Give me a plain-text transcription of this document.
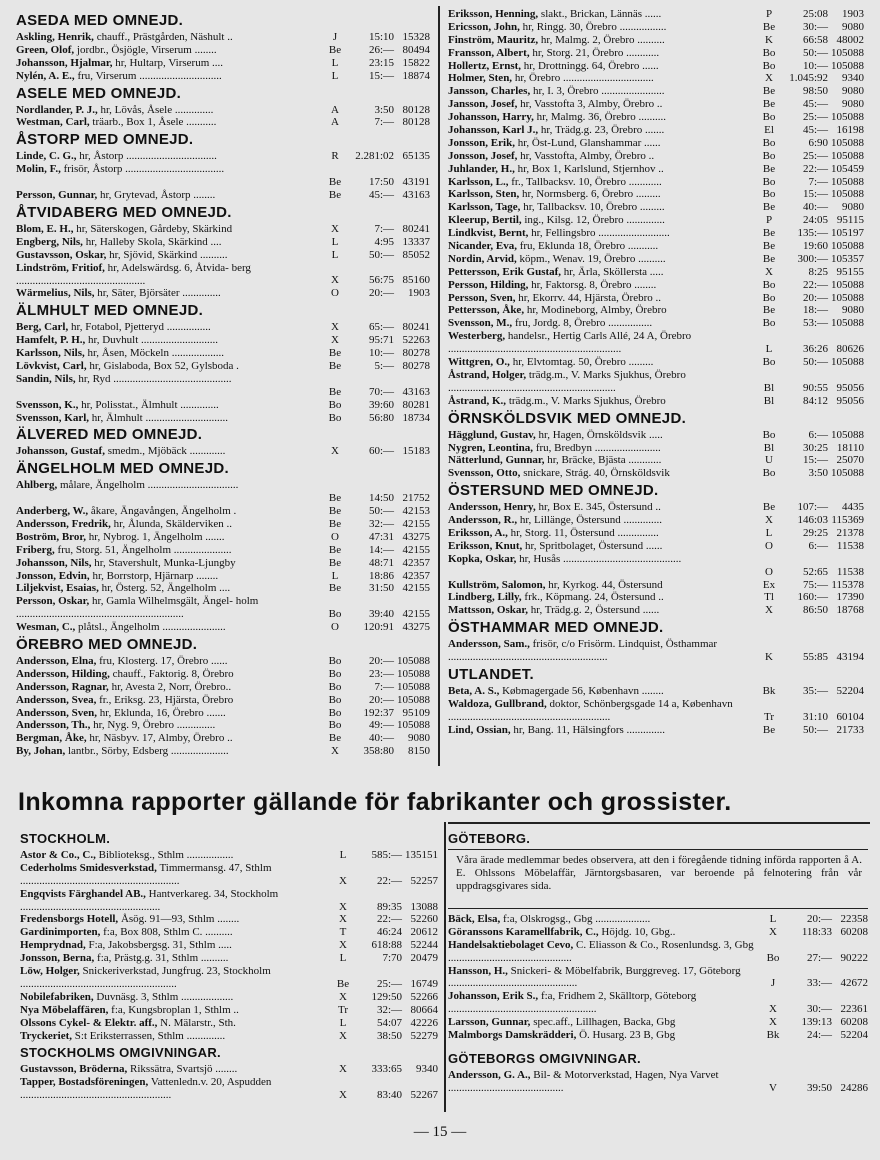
ASEDA MED OMNEJD.
Askling, Henrik, chauff., Prästgården, Näshult ..	J	15:10 15328
Green, Olof, jordbr., Ösjögle, Virserum ........	Be	26:— 80494
Johansson, Hjalmar, hr, Hultarp, Virserum ....	L	23:15 15822
Nylén, A. E., fru, Virserum ..............................	L	15:— 18874
ASELE MED OMNEJD.
Nordlander, P. J., hr, Lövås, Åsele ..............	A	3:50 80128
Westman, Carl, träarb., Box 1, Åsele ...........	A	7:— 80128
ÅSTORP MED OMNEJD.
Linde, C. G., hr, Åstorp .................................	R	2.281:02 65135
Molin, F., frisör, Åstorp ....................................
Be	17:50 43191
Persson, Gunnar, hr, Grytevad, Åstorp ........	Be	45:— 43163
ÅTVIDABERG MED OMNEJD.
Blom, E. H., hr, Säterskogen, Gårdeby, Skärkind	X	7:— 80241
Engberg, Nils, hr, Halleby Skola, Skärkind ....	L	4:95 13337
Gustavsson, Oskar, hr, Sjövid, Skärkind ..........	L	50:— 85052
Lindström, Fritiof, hr, Adelswärdsg. 6, Åtvida- berg ...............................................	X	56:75 85160
Wärmelius, Nils, hr, Säter, Björsäter ..............	O	20:—	1903
ÄLMHULT MED OMNEJD.
Berg, Carl, hr, Fotabol, Pjetteryd ................	X	65:— 80241
Hamfelt, P. H., hr, Duvhult ............................	X	95:71 52263
Karlsson, Nils, hr, Åsen, Möckeln ...................	Be	10:— 80278
Lövkvist, Carl, hr, Gislaboda, Box 52, Gylsboda .	Be	5:— 80278
Sandin, Nils, hr, Ryd ...........................................
Be	70:— 43163
Svensson, K., hr, Polisstat., Älmhult ..............	Bo	39:60 80281
Svensson, Karl, hr, Älmhult ..............................	Bo	56:80 18734
ÄLVERED MED OMNEJD.
Johansson, Gustaf, smedm., Mjöbäck .............	X	60:— 15183
ÄNGELHOLM MED OMNEJD.
Ahlberg, målare, Ängelholm .................................
Be	14:50 21752
Anderberg, W., åkare, Ängavången, Ängelholm .	Be	50:— 42153
Andersson, Fredrik, hr, Ålunda, Skälderviken ..	Be	32:— 42155
Boström, Bror, hr, Nybrog. 1, Ängelholm .......	O	47:31 43275
Friberg, fru, Storg. 51, Ängelholm .....................	Be	14:— 42155
Johansson, Nils, hr, Stavershult, Munka-Ljungby	Be	48:71 42357
Jonsson, Edvin, hr, Borrstorp, Hjärnarp ........	L	18:86 42357
Liljekvist, Esaias, hr, Österg. 52, Ängelholm ....	Be	31:50 42155
Persson, Oskar, hr, Gamla Wilhelmsgält, Ängel- holm .............................................................	Bo	39:40 42155
Wesman, C., plåtsl., Ängelholm .......................	O	120:91 43275
ÖREBRO MED OMNEJD.
Andersson, Elna, fru, Klosterg. 17, Örebro ......	Bo	20:— 105088
Andersson, Hilding, chauff., Faktorig. 8, Örebro	Bo	23:— 105088
Andersson, Ragnar, hr, Avesta 2, Norr, Örebro..	Bo	7:— 105088
Andersson, Svea, fr., Eriksg. 23, Hjärsta, Örebro	Bo	20:— 105088
Andersson, Sven, hr, Eklunda, 16, Örebro .......	Bo	192:37 95109
Andersson, Th., hr, Nyg. 9, Örebro ..............	Bo	49:— 105088
Bergman, Åke, hr, Näsbyv. 17, Almby, Örebro ..	Be	40:—	9080
By, Johan, lantbr., Sörby, Edsberg .....................	X	358:80	8150
Eriksson, Henning, slakt., Brickan, Lännäs ......	P	25:08	1903
Ericsson, John, hr, Ringg. 30, Örebro .................	Be	30:—	9080
Finström, Mauritz, hr, Malmg. 2, Örebro ..........	K	66:58 48002
Fransson, Albert, hr, Storg. 21, Örebro ............	Bo	50:— 105088
Hollertz, Ernst, hr, Drottningg. 64, Örebro ......	Bo	10:— 105088
Holmer, Sten, hr, Örebro .................................	X	1.045:92	9340
Jansson, Charles, hr, I. 3, Örebro .......................	Be	98:50	9080
Jansson, Josef, hr, Vasstofta 3, Almby, Örebro ..	Be	45:—	9080
Johansson, Harry, hr, Malmg. 36, Örebro ..........	Bo	25:— 105088
Johansson, Karl J., hr, Trädg.g. 23, Örebro .......	El	45:— 16198
Jonsson, Erik, hr, Öst-Lund, Glanshammar ......	Bo	6:90 105088
Jonsson, Josef, hr, Vasstofta, Almby, Örebro ..	Bo	25:— 105088
Juhlander, H., hr, Box 1, Karlslund, Stjernhov ..	Be	22:— 105459
Karlsson, L., fr., Tallbacksv. 10, Örebro ............	Bo	7:— 105088
Karlsson, Sten, hr, Normsberg. 6, Örebro .........	Bo	15:— 105088
Karlsson, Tage, hr, Tallbacksv. 10, Örebro .........	Be	40:—	9080
Kleerup, Bertil, ing., Kilsg. 12, Örebro ..............	P	24:05 95115
Lindkvist, Bernt, hr, Fellingsbro ..........................	Be	135:— 105197
Nicander, Eva, fru, Eklunda 18, Örebro ...........	Be	19:60 105088
Nordin, Arvid, köpm., Wenav. 19, Örebro ..........	Be	300:— 105357
Pettersson, Erik Gustaf, hr, Ärla, Sköllersta .....	X	8:25 95155
Persson, Hilding, hr, Faktorsg. 8, Örebro ........	Bo	22:— 105088
Persson, Sven, hr, Ekorrv. 44, Hjärsta, Örebro ..	Bo	20:— 105088
Pettersson, Åke, hr, Modineborg, Almby, Örebro	Be	18:—	9080
Svensson, M., fru, Jordg. 8, Örebro ................	Bo	53:— 105088
Westerberg, handelsr., Hertig Carls Allé, 24 A, Örebro ...............................................................	L	36:26 80626
Wittgren, O., hr, Elvtomtag. 50, Örebro .........	Bo	50:— 105088
Åstrand, Holger, trädg.m., V. Marks Sjukhus, Örebro .............................................................	Bl	90:55 95056
Åstrand, K., trädg.m., V. Marks Sjukhus, Örebro	Bl	84:12 95056
ÖRNSKÖLDSVIK MED OMNEJD.
Hägglund, Gustav, hr, Hagen, Örnsköldsvik .....	Bo	6:— 105088
Nygren, Leontina, fru, Bredbyn ........................	Bl	30:25 18110
Nätterlund, Gunnar, hr, Bräcke, Bjästa ............	U	15:— 25070
Svensson, Otto, snickare, Strág. 40, Örnsköldsvik	Bo	3:50 105088
ÖSTERSUND MED OMNEJD.
Andersson, Henry, hr, Box E. 345, Östersund ..	Be	107:—	4435
Andersson, R., hr, Lillänge, Östersund ..............	X	146:03 115369
Eriksson, A., hr, Storg. 11, Östersund ...............	L	29:25 21378
Eriksson, Knut, hr, Spritbolaget, Östersund ......	O	6:— 11538
Kopka, Oskar, hr, Husås ...........................................
O	52:65 11538
Kullström, Salomon, hr, Kyrkog. 44, Östersund	Ex	75:— 115378
Lindberg, Lilly, frk., Köpmang. 24, Östersund ..	Tl	160:— 17390
Mattsson, Oskar, hr, Trädg.g. 2, Östersund ......	X	86:50 18768
ÖSTHAMMAR MED OMNEJD.
Andersson, Sam., frisör, c/o Frisörm. Lindquist, Östhammar ..........................................................	K	55:85 43194
UTLANDET.
Beta, A. S., Købmagergade 56, København ........	Bk	35:— 52204
Waldoza, Gullbrand, doktor, Schönbergsgade 14 a, København ...........................................................	Tr	31:10 60104
Lind, Ossian, hr, Bang. 11, Hälsingfors ..............	Be	50:— 21733
Inkomna rapporter gällande för fabrikanter och grossister.
STOCKHOLM.
Astor & Co., C., Biblioteksg., Sthlm .................	L	585:— 135151
Cederholms Smidesverkstad, Timmermansg. 47, Sthlm ..........................................................	X	22:— 52257
Engqvists Färghandel AB., Hantverkareg. 34, Stockholm ...................................................	X	89:35 13088
Fredensborgs Hotell, Åsög. 91—93, Sthlm ........	X	22:— 52260
Gardinimporten, f:a, Box 808, Sthlm C. ..........	T	46:24 20612
Hemprydnad, F:a, Jakobsbergsg. 31, Sthlm .....	X	618:88 52244
Jonsson, Berna, f:a, Prästg.g. 31, Sthlm ..........	L	7:70 20479
Löw, Holger, Snickeriverkstad, Jungfrug. 23, Stockholm .........................................................	Be	25:— 16749
Nobilefabriken, Duvnäsg. 3, Sthlm ...................	X	129:50 52266
Nya Möbelaffären, f:a, Kungsbroplan 1, Sthlm ..	Tr	32:— 80664
Olssons Cykel- & Elektr. aff., N. Mälarstr., Sth.	L	54:07 42226
Tryckeriet, S:t Eriksterrassen, Sthlm ..............	X	38:50 52279
STOCKHOLMS OMGIVNINGAR.
Gustavsson, Bröderna, Rikssätra, Svartsjö ........	X	333:65	9340
Tapper, Bostadsföreningen, Vattenledn.v. 20, Aspudden .......................................................	X	83:40 52267
GÖTEBORG.
Våra ärade medlemmar bedes observera, att den i föregående tidning införda rapporten å A. E. Ohlssons Möbelaffär, Järntorgsbasaren, var beroende på felnotering från vår uppdragsgivares sida.
Bäck, Elsa, f:a, Olskrogsg., Gbg ....................	L	20:— 22358
Göranssons Karamellfabrik, C., Höjdg. 10, Gbg..	X	118:33 60208
Handelsaktiebolaget Cevo, C. Eliasson & Co., Rosenlundsg. 3, Gbg .............................................	Bo	27:— 90222
Hansson, H., Snickeri- & Möbelfabrik, Burggreveg. 17, Göteborg ...............................................	J	33:— 42672
Johansson, Erik S., f:a, Fridhem 2, Skälltorp, Göteborg ......................................................	X	30:— 22361
Larsson, Gunnar, spec.aff., Lillhagen, Backa, Gbg	X	139:13 60208
Malmborgs Damskrädderi, Ö. Husarg. 23 B, Gbg	Bk	24:— 52204
GÖTEBORGS OMGIVNINGAR.
Andersson, G. A., Bil- & Motorverkstad, Hagen, Nya Varvet ..........................................	V	39:50 24286
— 15 —
